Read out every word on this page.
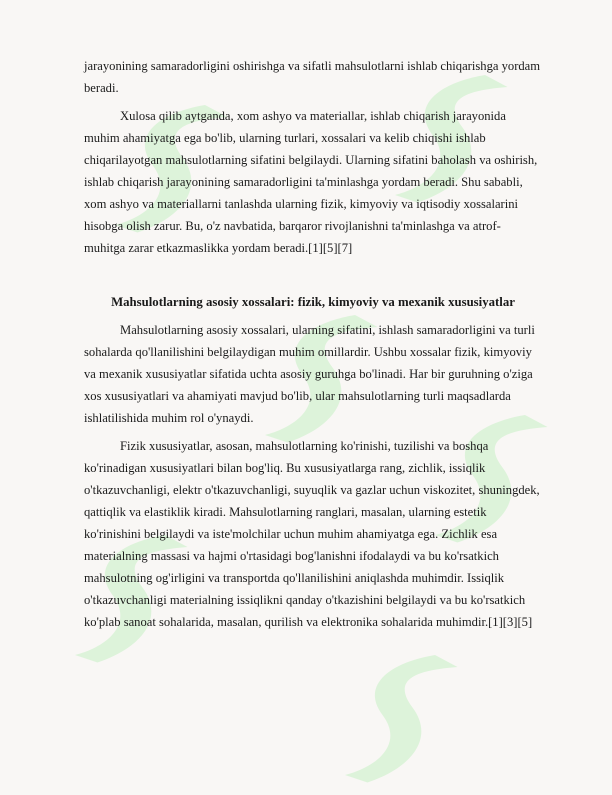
jarayonining samaradorligini oshirishga va sifatli mahsulotlarni ishlab chiqarishga yordam beradi.

Xulosa qilib aytganda, xom ashyo va materiallar, ishlab chiqarish jarayonida muhim ahamiyatga ega bo'lib, ularning turlari, xossalari va kelib chiqishi ishlab chiqarilayotgan mahsulotlarning sifatini belgilaydi. Ularning sifatini baholash va oshirish, ishlab chiqarish jarayonining samaradorligini ta'minlashga yordam beradi. Shu sababli, xom ashyo va materiallarni tanlashda ularning fizik, kimyoviy va iqtisodiy xossalarini hisobga olish zarur. Bu, o'z navbatida, barqaror rivojlanishni ta'minlashga va atrof-muhitga zarar etkazmaslikka yordam beradi.[1][5][7]

Mahsulotlarning asosiy xossalari: fizik, kimyoviy va mexanik xususiyatlar

Mahsulotlarning asosiy xossalari, ularning sifatini, ishlash samaradorligini va turli sohalarda qo'llanilishini belgilaydigan muhim omillardir. Ushbu xossalar fizik, kimyoviy va mexanik xususiyatlar sifatida uchta asosiy guruhga bo'linadi. Har bir guruhning o'ziga xos xususiyatlari va ahamiyati mavjud bo'lib, ular mahsulotlarning turli maqsadlarda ishlatilishida muhim rol o'ynaydi.

Fizik xususiyatlar, asosan, mahsulotlarning ko'rinishi, tuzilishi va boshqa ko'rinadigan xususiyatlari bilan bog'liq. Bu xususiyatlarga rang, zichlik, issiqlik o'tkazuvchanligi, elektr o'tkazuvchanligi, suyuqlik va gazlar uchun viskozitet, shuningdek, qattiqlik va elastiklik kiradi. Mahsulotlarning ranglari, masalan, ularning estetik ko'rinishini belgilaydi va iste'molchilar uchun muhim ahamiyatga ega. Zichlik esa materialning massasi va hajmi o'rtasidagi bog'lanishni ifodalaydi va bu ko'rsatkich mahsulotning og'irligini va transportda qo'llanilishini aniqlashda muhimdir. Issiqlik o'tkazuvchanligi materialning issiqlikni qanday o'tkazishini belgilaydi va bu ko'rsatkich ko'plab sanoat sohalarida, masalan, qurilish va elektronika sohalarida muhimdir.[1][3][5]
